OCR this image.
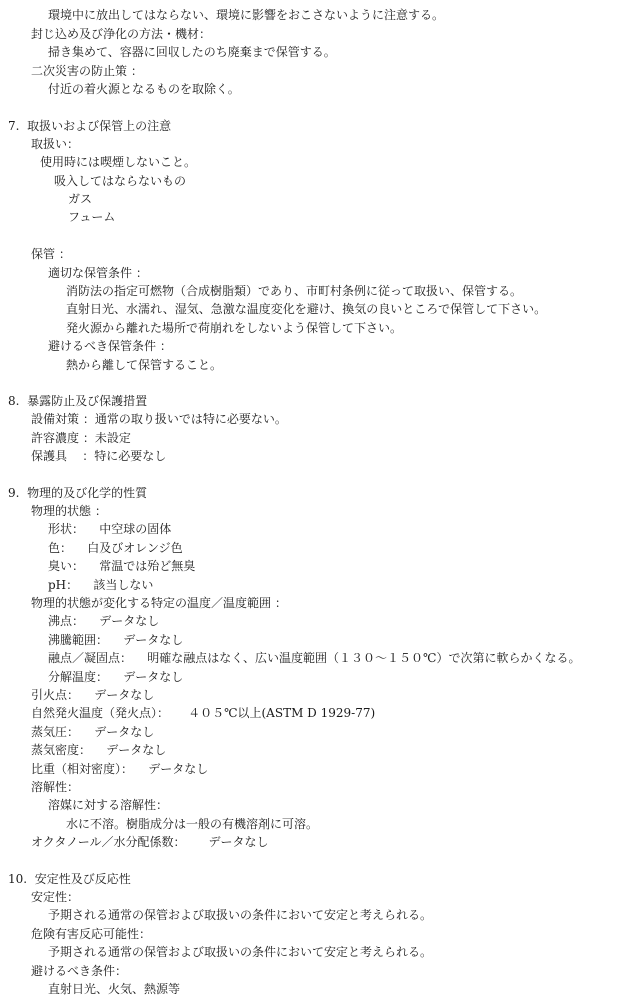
環境中に放出してはならない、環境に影響をおこさないように注意する。
封じ込め及び浄化の方法・機材：
掃き集めて、容器に回収したのち廃棄まで保管する。
二次災害の防止策 ：
付近の着火源となるものを取除く。
7.  取扱いおよび保管上の注意
取扱い：
使用時には喫煙しないこと。
吸入してはならないもの
ガス
フューム
保管 ：
適切な保管条件 ：
消防法の指定可燃物（合成樹脂類）であり、市町村条例に従って取扱い、保管する。
直射日光、水濡れ、湿気、急激な温度変化を避け、換気の良いところで保管して下さい。
発火源から離れた場所で荷崩れをしないよう保管して下さい。
避けるべき保管条件 ：
熱から離して保管すること。
8.  暴露防止及び保護措置
設備対策 ：通常の取り扱いでは特に必要ない。
許容濃度 ：未設定
保護具    ：特に必要なし
9.  物理的及び化学的性質
物理的状態 ：
形状：    中空球の固体
色：    白及びオレンジ色
臭い：    常温では殆ど無臭
pH：    該当しない
物理的状態が変化する特定の温度／温度範囲 ：
沸点：    データなし
沸騰範囲：    データなし
融点／凝固点：    明確な融点はなく、広い温度範囲（１３０～１５０℃）で次第に軟らかくなる。
分解温度：    データなし
引火点：    データなし
自然発火温度（発火点）：     ４０５℃以上(ASTM D 1929-77)
蒸気圧：    データなし
蒸気密度：    データなし
比重（相対密度）：    データなし
溶解性：
溶媒に対する溶解性：
水に不溶。樹脂成分は一般の有機溶剤に可溶。
オクタノール／水分配係数：      データなし
10.  安定性及び反応性
安定性：
予期される通常の保管および取扱いの条件において安定と考えられる。
危険有害反応可能性：
予期される通常の保管および取扱いの条件において安定と考えられる。
避けるべき条件：
直射日光、火気、熱源等
